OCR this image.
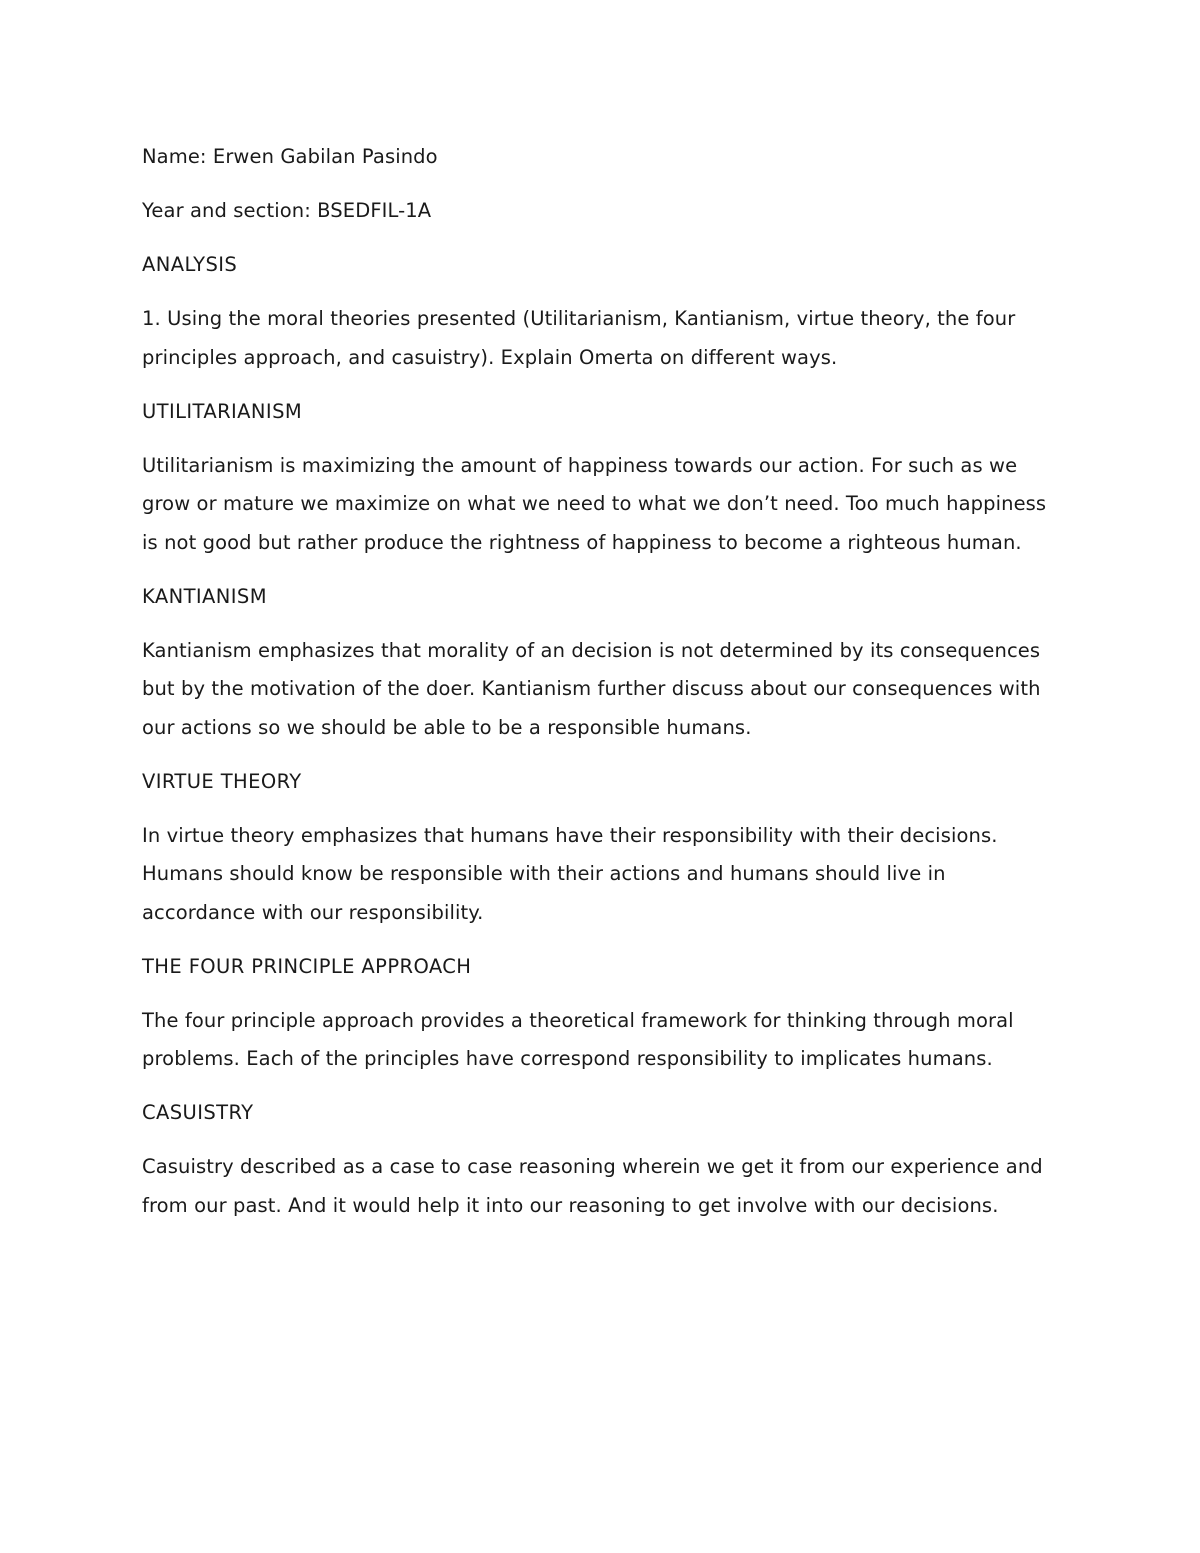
Name: Erwen Gabilan Pasindo

Year and section: BSEDFIL-1A

ANALYSIS

1. Using the moral theories presented (Utilitarianism, Kantianism, virtue theory, the four principles approach, and casuistry). Explain Omerta on different ways.

UTILITARIANISM

Utilitarianism is maximizing the amount of happiness towards our action. For such as we grow or mature we maximize on what we need to what we don’t need. Too much happiness is not good but rather produce the rightness of happiness to become a righteous human.

KANTIANISM

Kantianism emphasizes that morality of an decision is not determined by its consequences but by the motivation of the doer. Kantianism further discuss about our consequences with our actions so we should be able to be a responsible humans.

VIRTUE THEORY

In virtue theory emphasizes that humans have their responsibility with their decisions. Humans should know be responsible with their actions and humans should live in accordance with our responsibility.

THE FOUR PRINCIPLE APPROACH

The four principle approach provides a theoretical framework for thinking through moral problems. Each of the principles have correspond responsibility to implicates humans.

CASUISTRY

Casuistry described as a case to case reasoning wherein we get it from our experience and from our past. And it would help it into our reasoning to get involve with our decisions.
